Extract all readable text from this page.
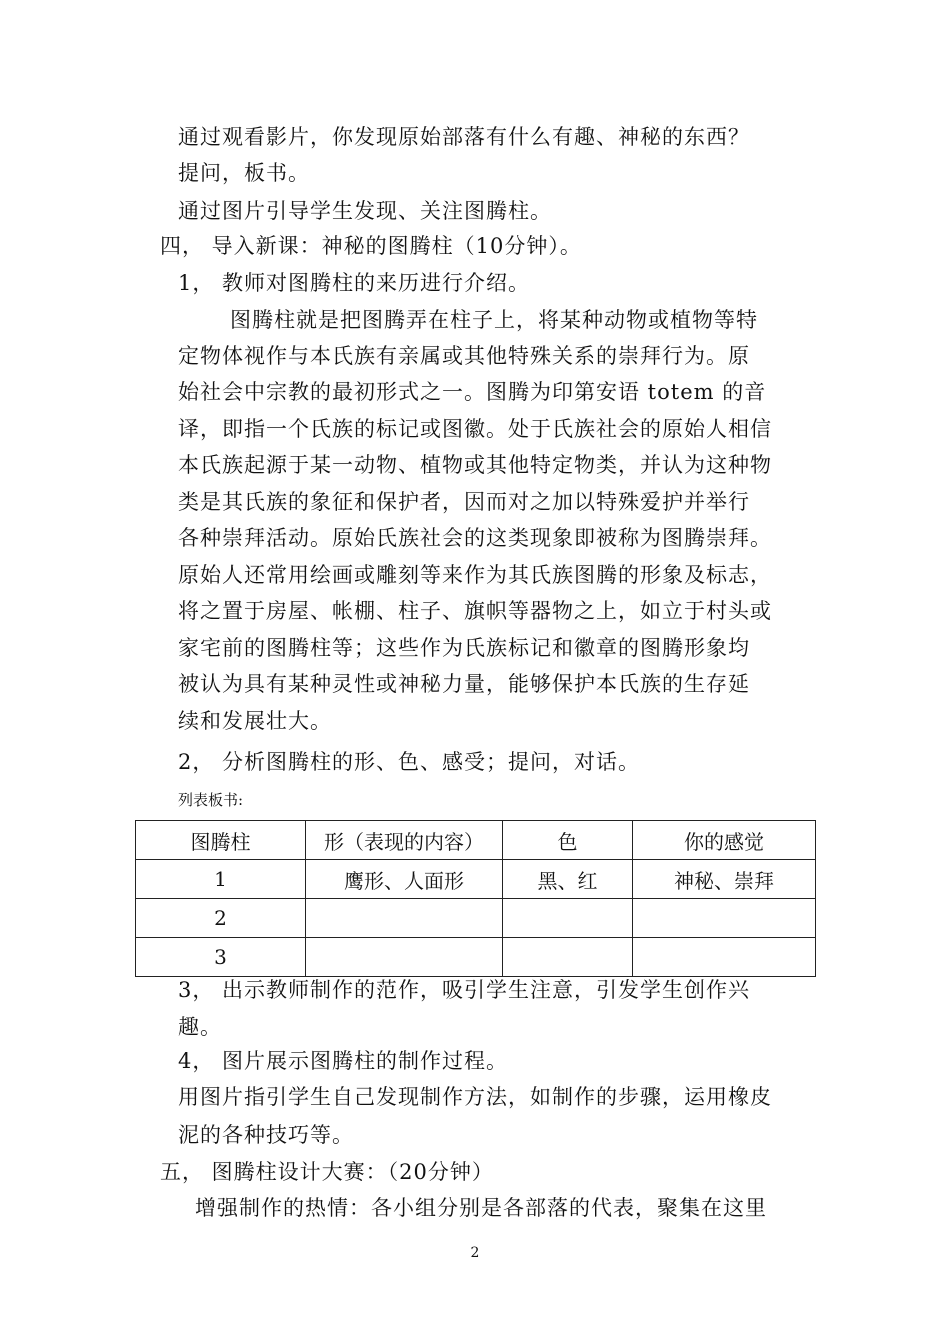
通过观看影片，你发现原始部落有什么有趣、神秘的东西？
提问，板书。
通过图片引导学生发现、关注图腾柱。
四， 导入新课：神秘的图腾柱（10分钟）。
1， 教师对图腾柱的来历进行介绍。
图腾柱就是把图腾弄在柱子上，将某种动物或植物等特
定物体视作与本氏族有亲属或其他特殊关系的崇拜行为。原
始社会中宗教的最初形式之一。图腾为印第安语 totem 的音
译，即指一个氏族的标记或图徽。处于氏族社会的原始人相信
本氏族起源于某一动物、植物或其他特定物类，并认为这种物
类是其氏族的象征和保护者，因而对之加以特殊爱护并举行
各种崇拜活动。原始氏族社会的这类现象即被称为图腾崇拜。
原始人还常用绘画或雕刻等来作为其氏族图腾的形象及标志，
将之置于房屋、帐棚、柱子、旗帜等器物之上，如立于村头或
家宅前的图腾柱等；这些作为氏族标记和徽章的图腾形象均
被认为具有某种灵性或神秘力量，能够保护本氏族的生存延
续和发展壮大。
2， 分析图腾柱的形、色、感受；提问，对话。
列表板书:
图腾柱	形（表现的内容）	色	你的感觉
1	鹰形、人面形	黑、红	神秘、崇拜
2			
3			
3， 出示教师制作的范作，吸引学生注意，引发学生创作兴
趣。
4， 图片展示图腾柱的制作过程。
用图片指引学生自己发现制作方法，如制作的步骤，运用橡皮
泥的各种技巧等。
五， 图腾柱设计大赛：（20分钟）
增强制作的热情：各小组分别是各部落的代表，聚集在这里
2
